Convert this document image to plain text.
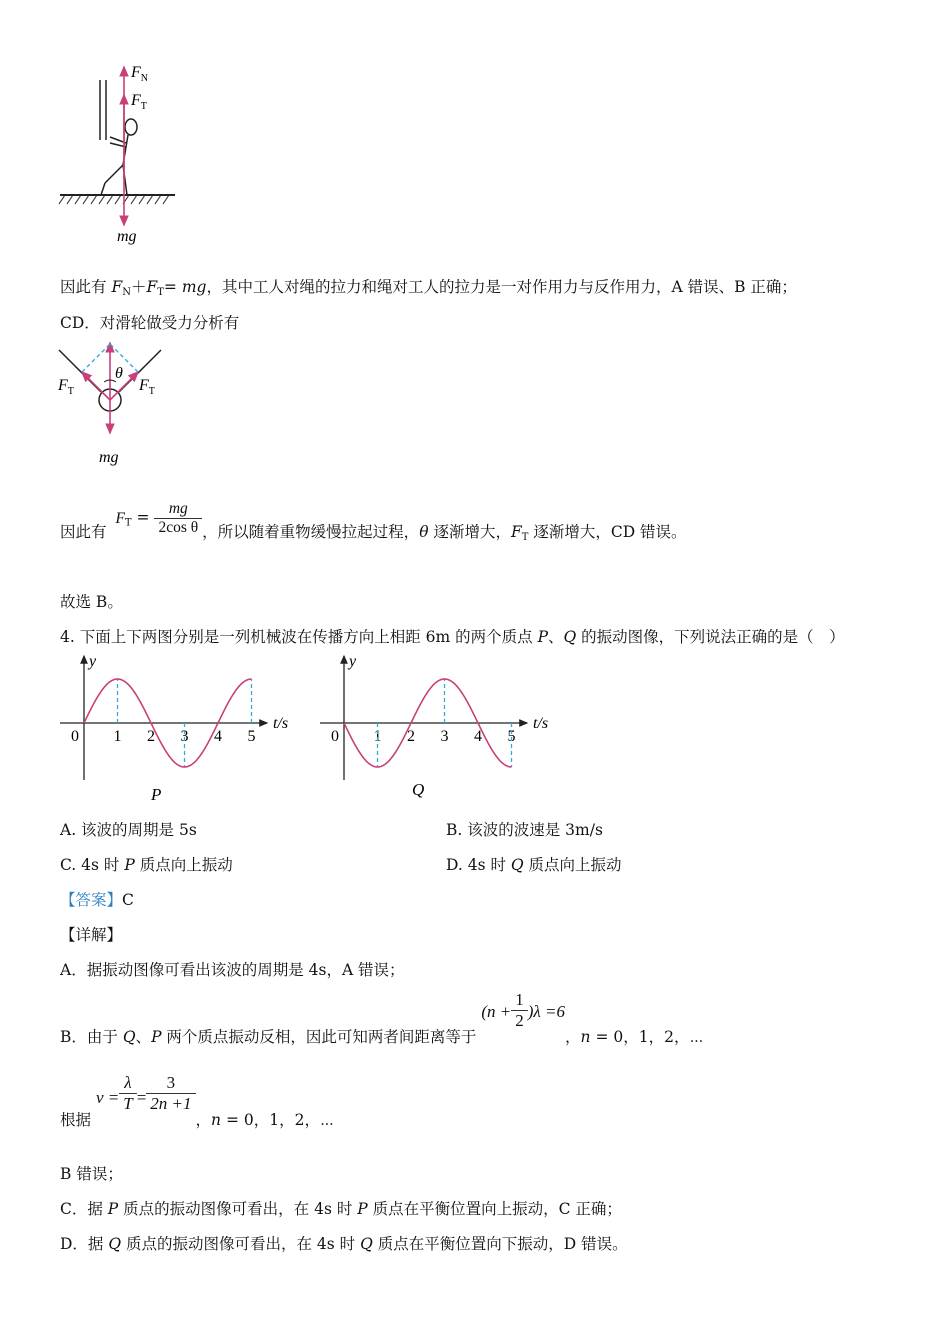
$F_N$
$F_T$
mg
因此有 $F_N+F_T=$ mg，其中工人对绳的拉力和绳对工人的拉力是一对作用力与反作用力，A 错误、B 正确；
CD．对滑轮做受力分析有
θ
$F_T$	$F_T$
mg
因此有 $F_T = \frac{mg}{\text{2cos θ}}$ ，所以随着重物缓慢拉起过程，θ 逐渐增大，$F_T$ 逐渐增大，CD 错误。
故选 B。
4. 下面上下两图分别是一列机械波在传播方向上相距 6m 的两个质点 P、Q 的振动图像，下列说法正确的是（　）
y
t/s
0 1 2 3 4 5
P
y
t/s
0 1 2 3 4 5
Q
A. 该波的周期是 5s	B. 该波的波速是 3m/s
C. 4s 时 P 质点向上振动	D. 4s 时 Q 质点向上振动
【答案】C
【详解】
A．据振动图像可看出该波的周期是 4s，A 错误；
B．由于 Q、P 两个质点振动反相，因此可知两者间距离等于 $(n + \frac{1}{2} )\lambda =6$，n = 0，1，2，⋯
根据 $v = \frac{\lambda}{T} = \frac{3}{2n +1}$
，n = 0，1，2，⋯
B 错误；
C．据 P 质点的振动图像可看出，在 4s 时 P 质点在平衡位置向上振动，C 正确；
D．据 Q 质点的振动图像可看出，在 4s 时 Q 质点在平衡位置向下振动，D 错误。
